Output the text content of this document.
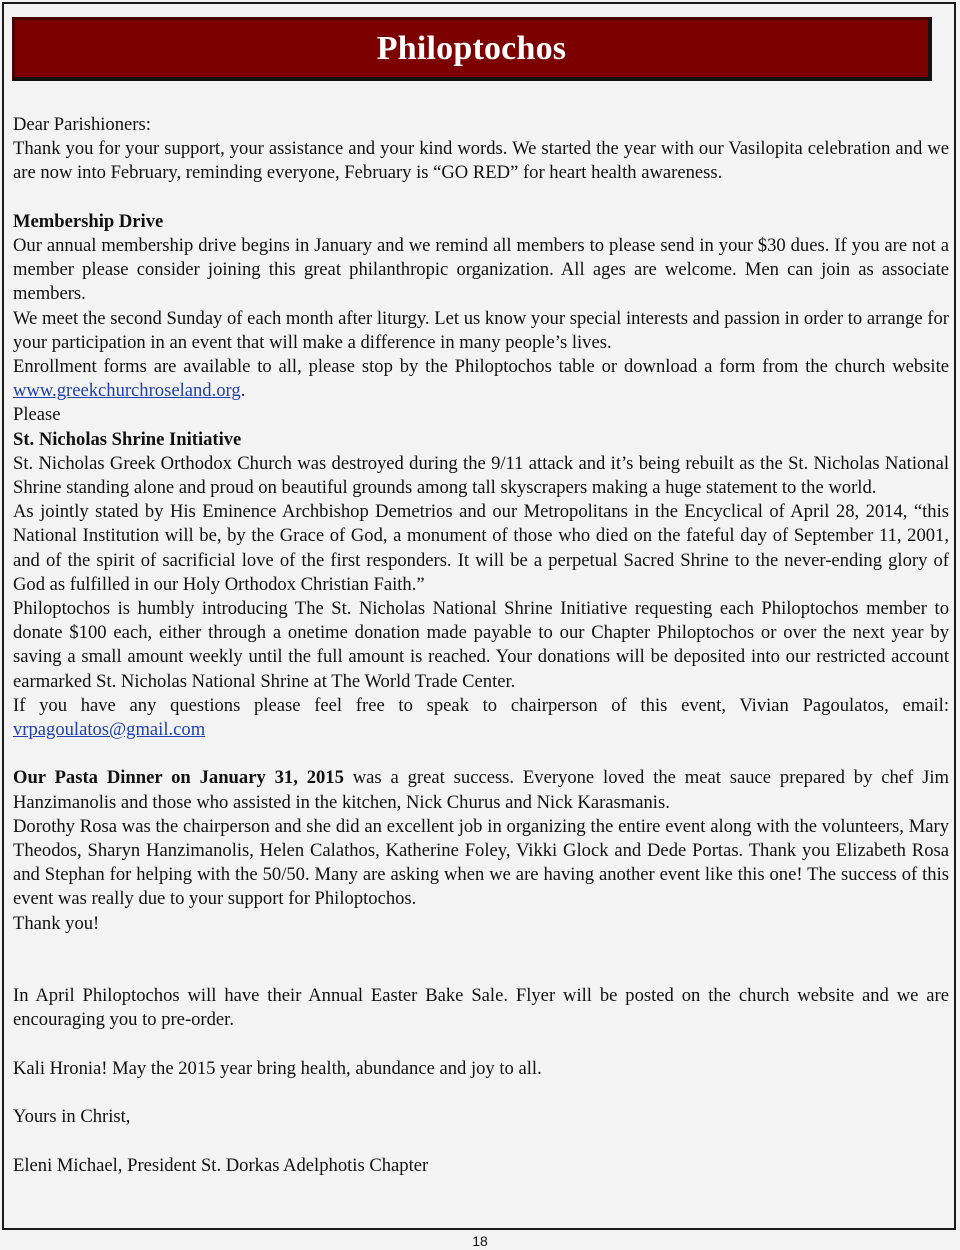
Philoptochos

Dear Parishioners:

Thank you for your support, your assistance and your kind words. We started the year with our Vasilopita celebration and we are now into February, reminding everyone, February is “GO RED” for heart health awareness.

Membership Drive

Our annual membership drive begins in January and we remind all members to please send in your $30 dues. If you are not a member please consider joining this great philanthropic organization. All ages are welcome. Men can join as associate members.

We meet the second Sunday of each month after liturgy. Let us know your special interests and passion in order to arrange for your participation in an event that will make a difference in many people’s lives.

Enrollment forms are available to all, please stop by the Philoptochos table or download a form from the church website www.greekchurchroseland.org.

Please

St. Nicholas Shrine Initiative

St. Nicholas Greek Orthodox Church was destroyed during the 9/11 attack and it’s being rebuilt as the St. Nicholas National Shrine standing alone and proud on beautiful grounds among tall skyscrapers making a huge statement to the world.

As jointly stated by His Eminence Archbishop Demetrios and our Metropolitans in the Encyclical of April 28, 2014, “this National Institution will be, by the Grace of God, a monument of those who died on the fateful day of September 11, 2001, and of the spirit of sacrificial love of the first responders. It will be a perpetual Sacred Shrine to the never-ending glory of God as fulfilled in our Holy Orthodox Christian Faith.”

Philoptochos is humbly introducing The St. Nicholas National Shrine Initiative requesting each Philoptochos member to donate $100 each, either through a onetime donation made payable to our Chapter Philoptochos or over the next year by saving a small amount weekly until the full amount is reached. Your donations will be deposited into our restricted account earmarked St. Nicholas National Shrine at The World Trade Center.

If you have any questions please feel free to speak to chairperson of this event, Vivian Pagoulatos, email: vrpagoulatos@gmail.com

Our Pasta Dinner on January 31, 2015 was a great success. Everyone loved the meat sauce prepared by chef Jim Hanzimanolis and those who assisted in the kitchen, Nick Churus and Nick Karasmanis.

Dorothy Rosa was the chairperson and she did an excellent job in organizing the entire event along with the volunteers, Mary Theodos, Sharyn Hanzimanolis, Helen Calathos, Katherine Foley, Vikki Glock and Dede Portas. Thank you Elizabeth Rosa and Stephan for helping with the 50/50. Many are asking when we are having another event like this one! The success of this event was really due to your support for Philoptochos.

Thank you!

In April Philoptochos will have their Annual Easter Bake Sale. Flyer will be posted on the church website and we are encouraging you to pre-order.

Kali Hronia! May the 2015 year bring health, abundance and joy to all.

Yours in Christ,

Eleni Michael, President St. Dorkas Adelphotis Chapter

18
